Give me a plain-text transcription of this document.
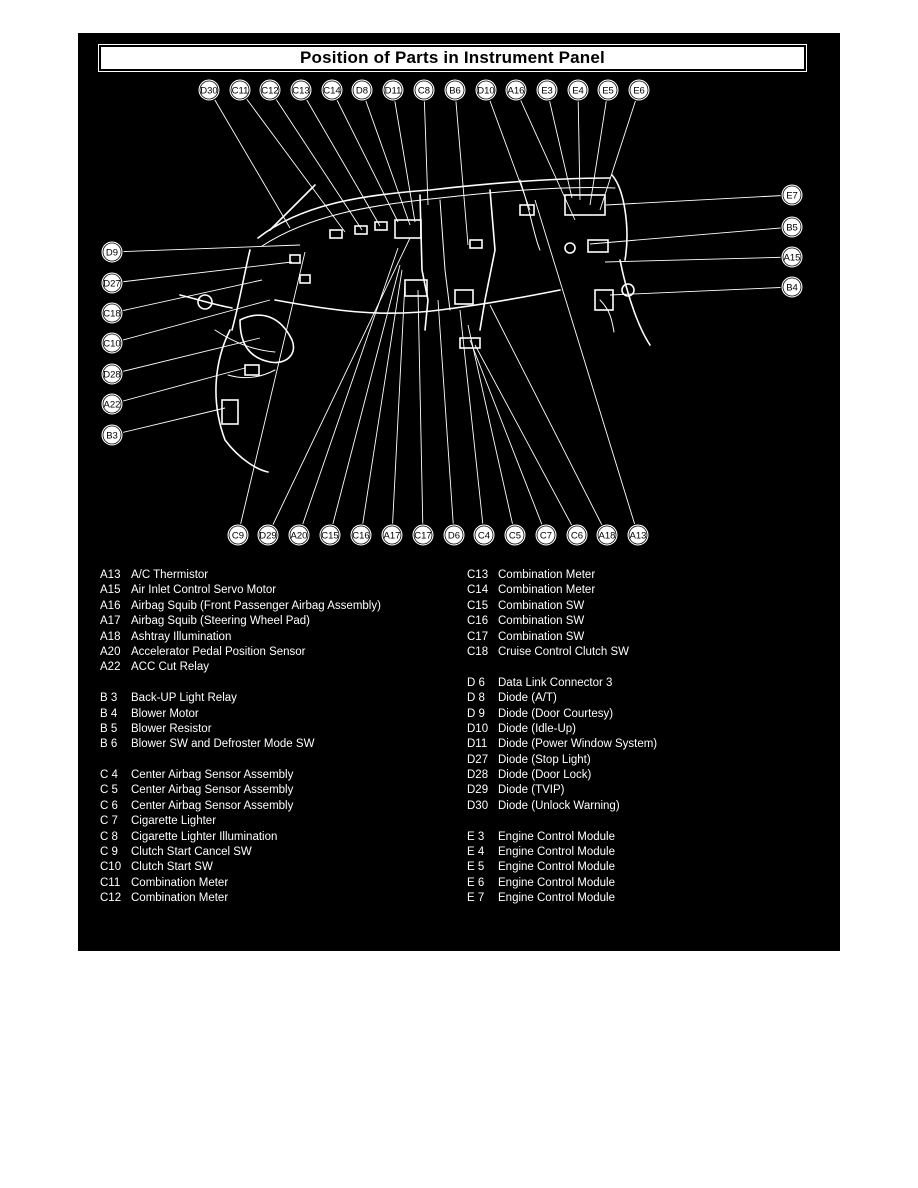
Position of Parts in Instrument Panel
D30 C11 C12 C13 C14 D8 D11 C8 B6 D10 A16 E3 E4 E5 E6
E7
B5
A15
B4
D9
D27
C18
C10
D28
A22
B3
C9 D29 A20 C15 C16 A17 C17 D6 C4 C5 C7 C6 A18 A13
A13 A/C Thermistor
A15 Air Inlet Control Servo Motor
A16 Airbag Squib (Front Passenger Airbag Assembly)
A17 Airbag Squib (Steering Wheel Pad)
A18 Ashtray Illumination
A20 Accelerator Pedal Position Sensor
A22 ACC Cut Relay
B 3 Back-UP Light Relay
B 4 Blower Motor
B 5 Blower Resistor
B 6 Blower SW and Defroster Mode SW
C 4 Center Airbag Sensor Assembly
C 5 Center Airbag Sensor Assembly
C 6 Center Airbag Sensor Assembly
C 7 Cigarette Lighter
C 8 Cigarette Lighter Illumination
C 9 Clutch Start Cancel SW
C10 Clutch Start SW
C11 Combination Meter
C12 Combination Meter
C13 Combination Meter
C14 Combination Meter
C15 Combination SW
C16 Combination SW
C17 Combination SW
C18 Cruise Control Clutch SW
D 6 Data Link Connector 3
D 8 Diode (A/T)
D 9 Diode (Door Courtesy)
D10 Diode (Idle-Up)
D11 Diode (Power Window System)
D27 Diode (Stop Light)
D28 Diode (Door Lock)
D29 Diode (TVIP)
D30 Diode (Unlock Warning)
E 3 Engine Control Module
E 4 Engine Control Module
E 5 Engine Control Module
E 6 Engine Control Module
E 7 Engine Control Module
